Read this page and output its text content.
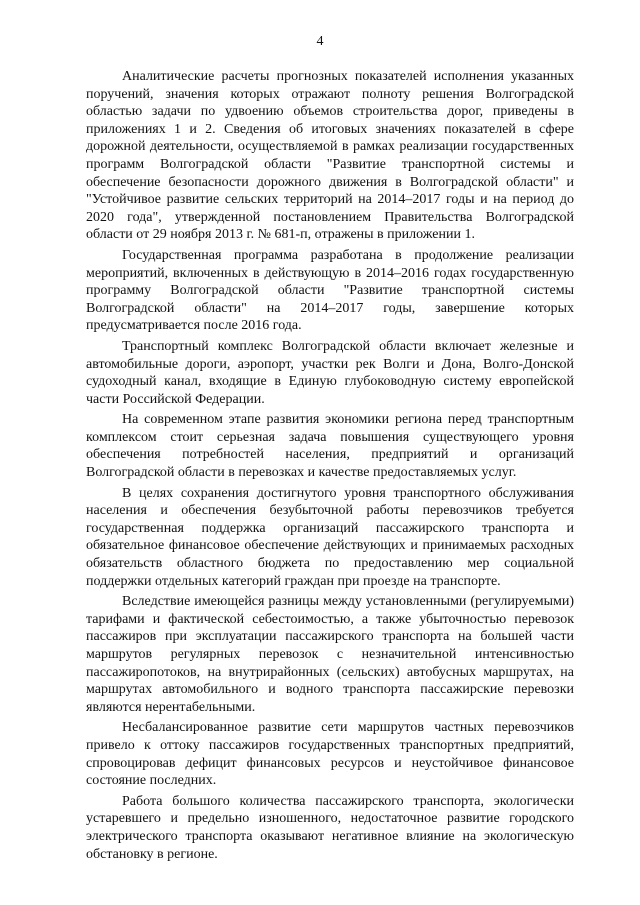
4

Аналитические расчеты прогнозных показателей исполнения указанных поручений, значения которых отражают полноту решения Волгоградской областью задачи по удвоению объемов строительства дорог, приведены в приложениях 1 и 2. Сведения об итоговых значениях показателей в сфере дорожной деятельности, осуществляемой в рамках реализации государственных программ Волгоградской области "Развитие транспортной системы и обеспечение безопасности дорожного движения в Волгоградской области" и "Устойчивое развитие сельских территорий на 2014–2017 годы и на период до 2020 года", утвержденной постановлением Правительства Волгоградской области от 29 ноября 2013 г. № 681-п, отражены в приложении 1.

Государственная программа разработана в продолжение реализации мероприятий, включенных в действующую в 2014–2016 годах государственную программу Волгоградской области "Развитие транспортной системы Волгоградской области" на 2014–2017 годы, завершение которых предусматривается после 2016 года.

Транспортный комплекс Волгоградской области включает железные и автомобильные дороги, аэропорт, участки рек Волги и Дона, Волго-Донской судоходный канал, входящие в Единую глубоководную систему европейской части Российской Федерации.

На современном этапе развития экономики региона перед транспортным комплексом стоит серьезная задача повышения существующего уровня обеспечения потребностей населения, предприятий и организаций Волгоградской области в перевозках и качестве предоставляемых услуг.

В целях сохранения достигнутого уровня транспортного обслуживания населения и обеспечения безубыточной работы перевозчиков требуется государственная поддержка организаций пассажирского транспорта и обязательное финансовое обеспечение действующих и принимаемых расходных обязательств областного бюджета по предоставлению мер социальной поддержки отдельных категорий граждан при проезде на транспорте.

Вследствие имеющейся разницы между установленными (регулируемыми) тарифами и фактической себестоимостью, а также убыточностью перевозок пассажиров при эксплуатации пассажирского транспорта на большей части маршрутов регулярных перевозок с незначительной интенсивностью пассажиропотоков, на внутрирайонных (сельских) автобусных маршрутах, на маршрутах автомобильного и водного транспорта пассажирские перевозки являются нерентабельными.

Несбалансированное развитие сети маршрутов частных перевозчиков привело к оттоку пассажиров государственных транспортных предприятий, спровоцировав дефицит финансовых ресурсов и неустойчивое финансовое состояние последних.

Работа большого количества пассажирского транспорта, экологически устаревшего и предельно изношенного, недостаточное развитие городского электрического транспорта оказывают негативное влияние на экологическую обстановку в регионе.
